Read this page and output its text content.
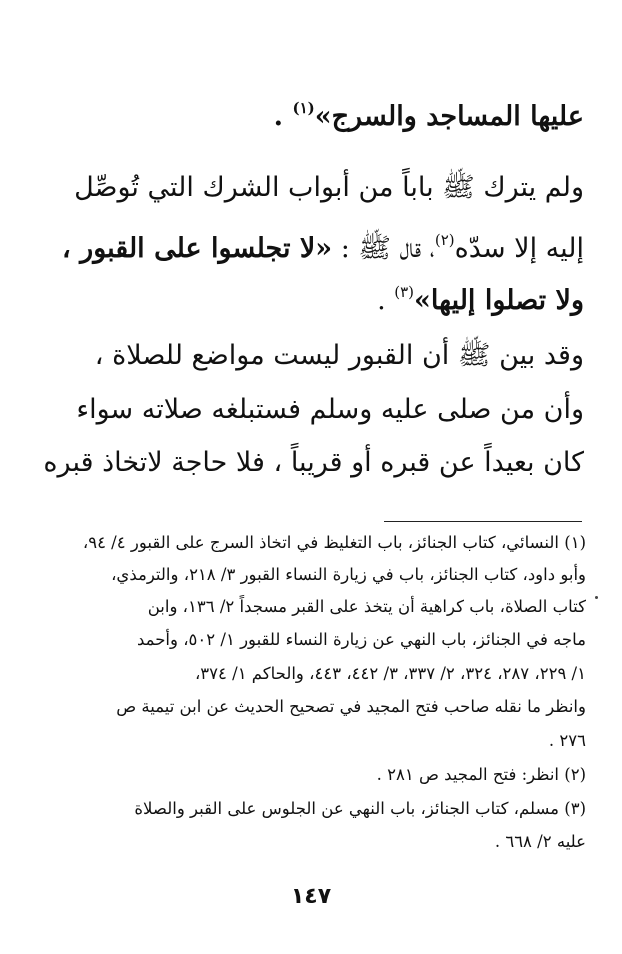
عليها المساجد والسرج»$^{(١)}$ .
ولم يترك ﷺ باباً من أبواب الشرك التي تُوصِّل
إليه إلا سدّه$^{(٢)}$، قال ﷺ : «لا تجلسوا على القبور ،
ولا تصلوا إليها»$^{(٣)}$ .
وقد بين ﷺ أن القبور ليست مواضع للصلاة ،
وأن من صلى عليه وسلم فستبلغه صلاته سواء
كان بعيداً عن قبره أو قريباً ، فلا حاجة لاتخاذ قبره
(١) النسائي، كتاب الجنائز، باب التغليظ في اتخاذ السرج على القبور ٤/ ٩٤،
وأبو داود، كتاب الجنائز، باب في زيارة النساء القبور ٣/ ٢١٨، والترمذي،
كتاب الصلاة، باب كراهية أن يتخذ على القبر مسجداً ٢/ ١٣٦، وابن
ماجه في الجنائز، باب النهي عن زيارة النساء للقبور ١/ ٥٠٢، وأحمد
١/ ٢٢٩، ٢٨٧، ٣٢٤، ٢/ ٣٣٧، ٣/ ٤٤٢، ٤٤٣، والحاكم ١/ ٣٧٤،
وانظر ما نقله صاحب فتح المجيد في تصحيح الحديث عن ابن تيمية ص
٢٧٦ .
(٢) انظر: فتح المجيد ص ٢٨١ .
(٣) مسلم، كتاب الجنائز، باب النهي عن الجلوس على القبر والصلاة
عليه ٢/ ٦٦٨ .
١٤٧
